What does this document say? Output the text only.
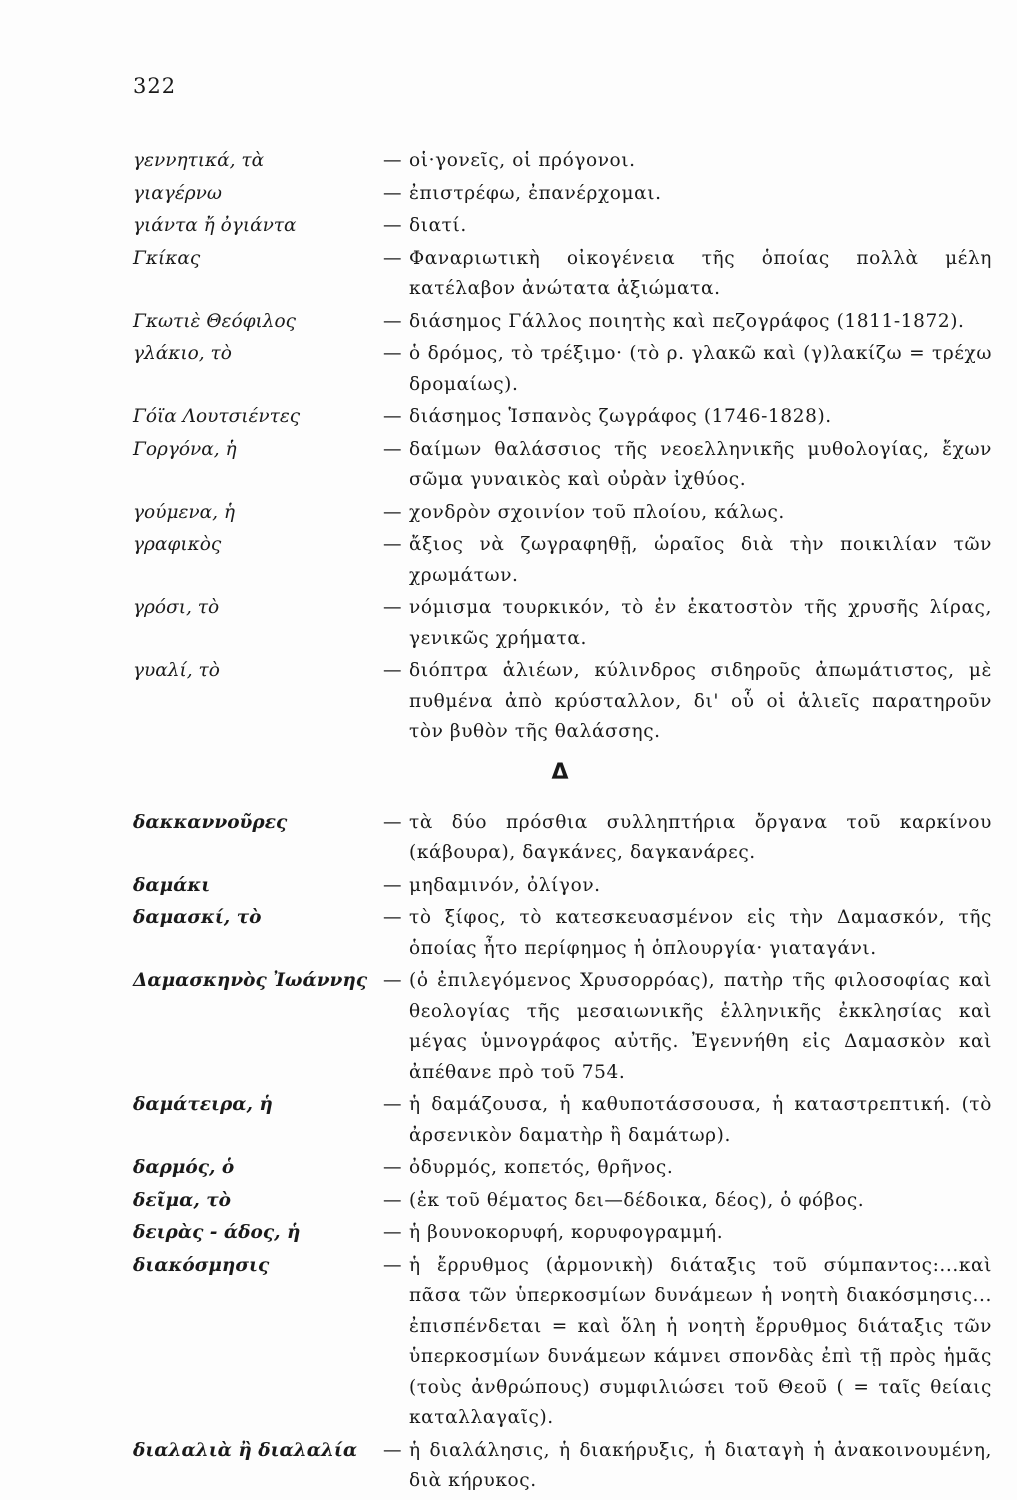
322
γεννητικά, τὰ	— οἱ·γονεῖς, οἱ πρόγονοι.
γιαγέρνω	— ἐπιστρέφω, ἐπανέρχομαι.
γιάντα ἤ ὀγιάντα	— διατί.
Γκίκας	— Φαναριωτικὴ οἰκογένεια τῆς ὁποίας πολλὰ μέλη κατέλαβον ἀνώτατα ἀξιώματα.
Γκωτιὲ Θεόφιλος	— διάσημος Γάλλος ποιητὴς καὶ πεζογράφος (1811-1872).
γλάκιο, τὸ	— ὁ δρόμος, τὸ τρέξιμο· (τὸ ρ. γλακῶ καὶ (γ)λακίζω = τρέχω δρομαίως).
Γόϊα Λουτσιέντες	— διάσημος Ἱσπανὸς ζωγράφος (1746-1828).
Γοργόνα, ἡ	— δαίμων θαλάσσιος τῆς νεοελληνικῆς μυθολογίας, ἔχων σῶμα γυναικὸς καὶ οὐρὰν ἰχθύος.
γούμενα, ἡ	— χονδρὸν σχοινίον τοῦ πλοίου, κάλως.
γραφικὸς	— ἄξιος νὰ ζωγραφηθῇ, ὡραῖος διὰ τὴν ποικιλίαν τῶν χρωμάτων.
γρόσι, τὸ	— νόμισμα τουρκικόν, τὸ ἐν ἑκατοστὸν τῆς χρυσῆς λίρας, γενικῶς χρήματα.
γυαλί, τὸ	— διόπτρα ἁλιέων, κύλινδρος σιδηροῦς ἀπωμάτιστος, μὲ πυθμένα ἀπὸ κρύσταλλον, δι' οὗ οἱ ἁλιεῖς παρατηροῦν τὸν βυθὸν τῆς θαλάσσης.
Δ
δακκαννοῦρες	— τὰ δύο πρόσθια συλληπτήρια ὄργανα τοῦ καρκίνου (κάβουρα), δαγκάνες, δαγκανάρες.
δαμάκι	— μηδαμινόν, ὀλίγον.
δαμασκί, τὸ	— τὸ ξίφος, τὸ κατεσκευασμένον εἰς τὴν Δαμασκόν, τῆς ὁποίας ἦτο περίφημος ἡ ὁπλουργία· γιαταγάνι.
Δαμασκηνὸς Ἰωάννης — (ὁ ἐπιλεγόμενος Χρυσορρόας), πατὴρ τῆς φιλοσοφίας καὶ θεολογίας τῆς μεσαιωνικῆς ἑλληνικῆς ἐκκλησίας καὶ μέγας ὑμνογράφος αὐτῆς. Ἐγεννήθη εἰς Δαμασκὸν καὶ ἀπέθανε πρὸ τοῦ 754.
δαμάτειρα, ἡ	— ἡ δαμάζουσα, ἡ καθυποτάσσουσα, ἡ καταστρεπτική. (τὸ ἀρσενικὸν δαματὴρ ἢ δαμάτωρ).
δαρμός, ὁ	— ὀδυρμός, κοπετός, θρῆνος.
δεῖμα, τὸ	— (ἐκ τοῦ θέματος δει—δέδοικα, δέος), ὁ φόβος.
δειρὰς - άδος, ἡ	— ἡ βουνοκορυφή, κορυφογραμμή.
διακόσμησις	— ἡ ἔρρυθμος (ἁρμονικὴ) διάταξις τοῦ σύμπαντος:...καὶ πᾶσα τῶν ὑπερκοσμίων δυνάμεων ἡ νοητὴ διακόσμησις... ἐπισπένδεται = καὶ ὅλη ἡ νοητὴ ἔρρυθμος διάταξις τῶν ὑπερκοσμίων δυνάμεων κάμνει σπονδὰς ἐπὶ τῇ πρὸς ἡμᾶς (τοὺς ἀνθρώπους) συμφιλιώσει τοῦ Θεοῦ ( = ταῖς θείαις καταλλαγαῖς).
διαλαλιὰ ἢ διαλαλία	— ἡ διαλάλησις, ἡ διακήρυξις, ἡ διαταγὴ ἡ ἀνακοινουμένη, διὰ κήρυκος.
